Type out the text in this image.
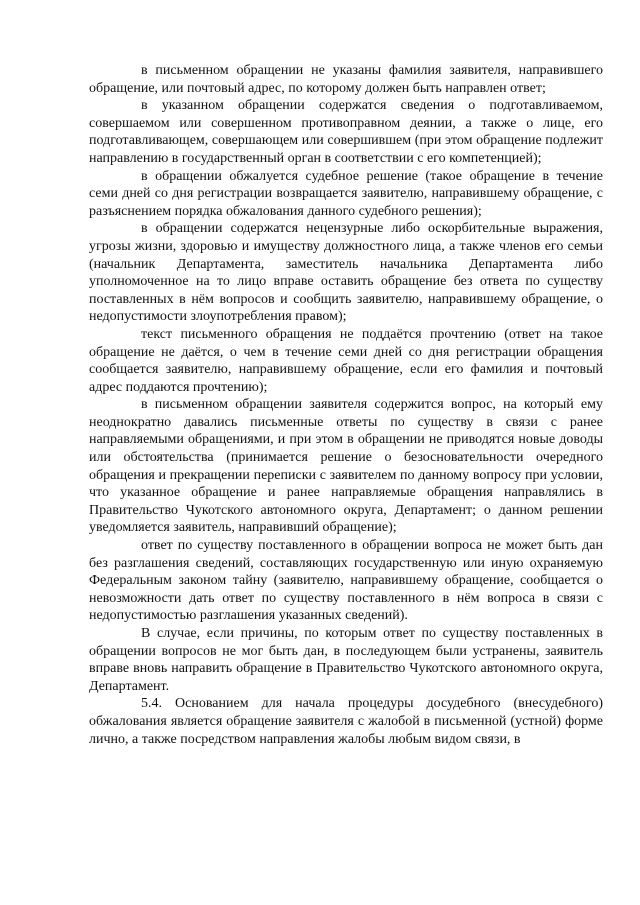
в письменном обращении не указаны фамилия заявителя, направившего обращение, или почтовый адрес, по которому должен быть направлен ответ;

в указанном обращении содержатся сведения о подготавливаемом, совершаемом или совершенном противоправном деянии, а также о лице, его подготавливающем, совершающем или совершившем (при этом обращение подлежит направлению в государственный орган в соответствии с его компетенцией);

в обращении обжалуется судебное решение (такое обращение в течение семи дней со дня регистрации возвращается заявителю, направившему обращение, с разъяснением порядка обжалования данного судебного решения);

в обращении содержатся нецензурные либо оскорбительные выражения, угрозы жизни, здоровью и имуществу должностного лица, а также членов его семьи (начальник Департамента, заместитель начальника Департамента либо уполномоченное на то лицо вправе оставить обращение без ответа по существу поставленных в нём вопросов и сообщить заявителю, направившему обращение, о недопустимости злоупотребления правом);

текст письменного обращения не поддаётся прочтению (ответ на такое обращение не даётся, о чем в течение семи дней со дня регистрации обращения сообщается заявителю, направившему обращение, если его фамилия и почтовый адрес поддаются прочтению);

в письменном обращении заявителя содержится вопрос, на который ему неоднократно давались письменные ответы по существу в связи с ранее направляемыми обращениями, и при этом в обращении не приводятся новые доводы или обстоятельства (принимается решение о безосновательности очередного обращения и прекращении переписки с заявителем по данному вопросу при условии, что указанное обращение и ранее направляемые обращения направлялись в Правительство Чукотского автономного округа, Департамент; о данном решении уведомляется заявитель, направивший обращение);

ответ по существу поставленного в обращении вопроса не может быть дан без разглашения сведений, составляющих государственную или иную охраняемую Федеральным законом тайну (заявителю, направившему обращение, сообщается о невозможности дать ответ по существу поставленного в нём вопроса в связи с недопустимостью разглашения указанных сведений).

В случае, если причины, по которым ответ по существу поставленных в обращении вопросов не мог быть дан, в последующем были устранены, заявитель вправе вновь направить обращение в Правительство Чукотского автономного округа, Департамент.

5.4. Основанием для начала процедуры досудебного (внесудебного) обжалования является обращение заявителя с жалобой в письменной (устной) форме лично, а также посредством направления жалобы любым видом связи, в
